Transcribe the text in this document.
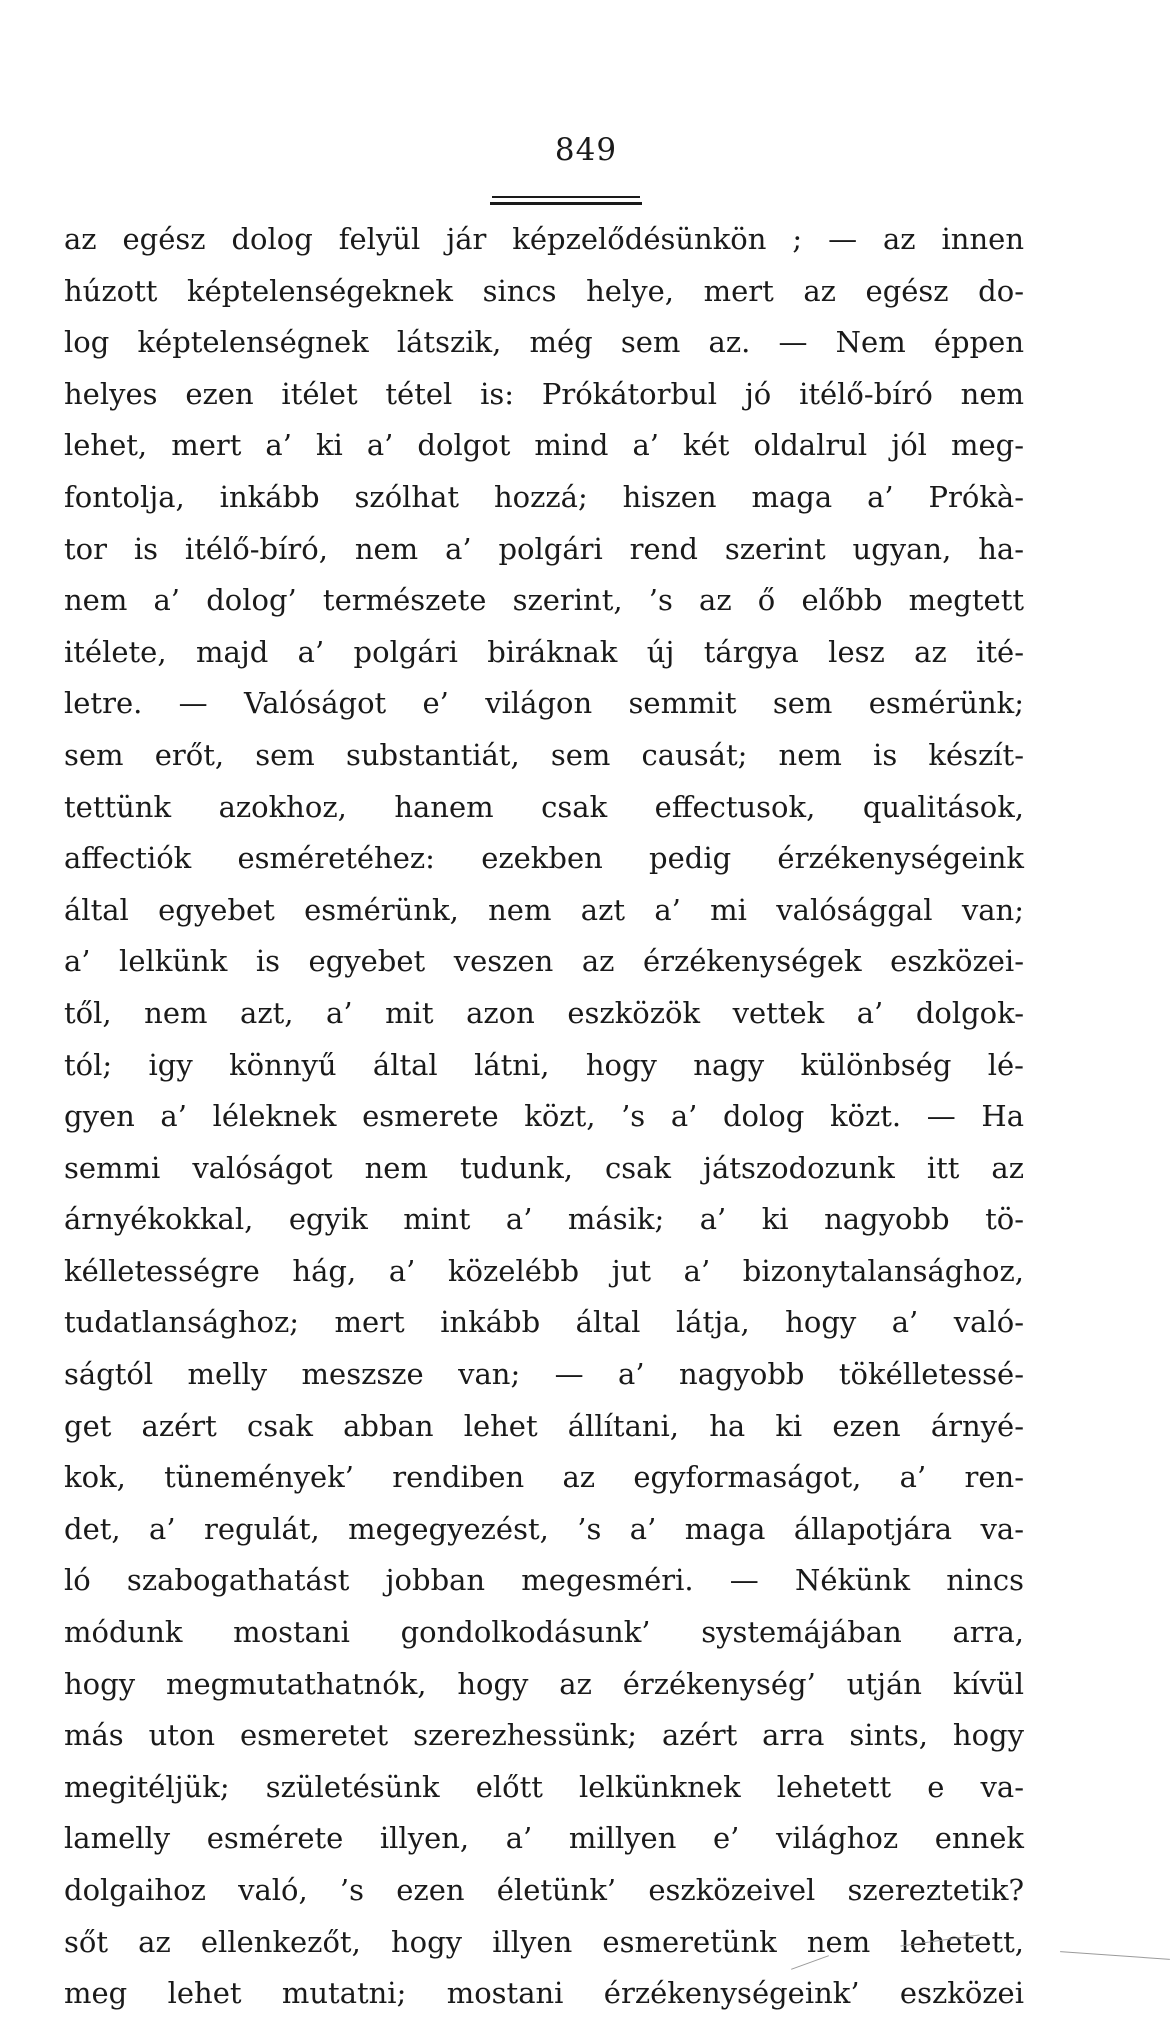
849
az egész dolog felyül jár képzelődésünkön ; — az innen
húzott képtelenségeknek sincs helye, mert az egész do-
log képtelenségnek látszik, még sem az. — Nem éppen
helyes ezen itélet tétel is: Prókátorbul jó itélő-bíró nem
lehet, mert a’ ki a’ dolgot mind a’ két oldalrul jól meg-
fontolja, inkább szólhat hozzá; hiszen maga a’ Prókà-
tor is itélő-bíró, nem a’ polgári rend szerint ugyan, ha-
nem a’ dolog’ természete szerint, ’s az ő előbb megtett
itélete, majd a’ polgári biráknak új tárgya lesz az ité-
letre. — Valóságot e’ világon semmit sem esmérünk;
sem erőt, sem substantiát, sem causát; nem is készít-
tettünk azokhoz, hanem csak effectusok, qualitások,
affectiók esméretéhez: ezekben pedig érzékenységeink
által egyebet esmérünk, nem azt a’ mi valósággal van;
a’ lelkünk is egyebet veszen az érzékenységek eszközei-
től, nem azt, a’ mit azon eszközök vettek a’ dolgok-
tól; igy könnyű által látni, hogy nagy különbség lé-
gyen a’ léleknek esmerete közt, ’s a’ dolog közt. — Ha
semmi valóságot nem tudunk, csak játszodozunk itt az
árnyékokkal, egyik mint a’ másik; a’ ki nagyobb tö-
kélletességre hág, a’ közelébb jut a’ bizonytalansághoz,
tudatlansághoz; mert inkább által látja, hogy a’ való-
ságtól melly meszsze van; — a’ nagyobb tökélletessé-
get azért csak abban lehet állítani, ha ki ezen árnyé-
kok, tünemények’ rendiben az egyformaságot, a’ ren-
det, a’ regulát, megegyezést, ’s a’ maga állapotjára va-
ló szabogathatást jobban megesméri. — Nékünk nincs
módunk mostani gondolkodásunk’ systemájában arra,
hogy megmutathatnók, hogy az érzékenység’ utján kívül
más uton esmeretet szerezhessünk; azért arra sints, hogy
megitéljük; születésünk előtt lelkünknek lehetett e va-
lamelly esmérete illyen, a’ millyen e’ világhoz ennek
dolgaihoz való, ’s ezen életünk’ eszközeivel szereztetik?
sőt az ellenkezőt, hogy illyen esmeretünk nem lehetett,
meg lehet mutatni; mostani érzékenységeink’ eszközei
